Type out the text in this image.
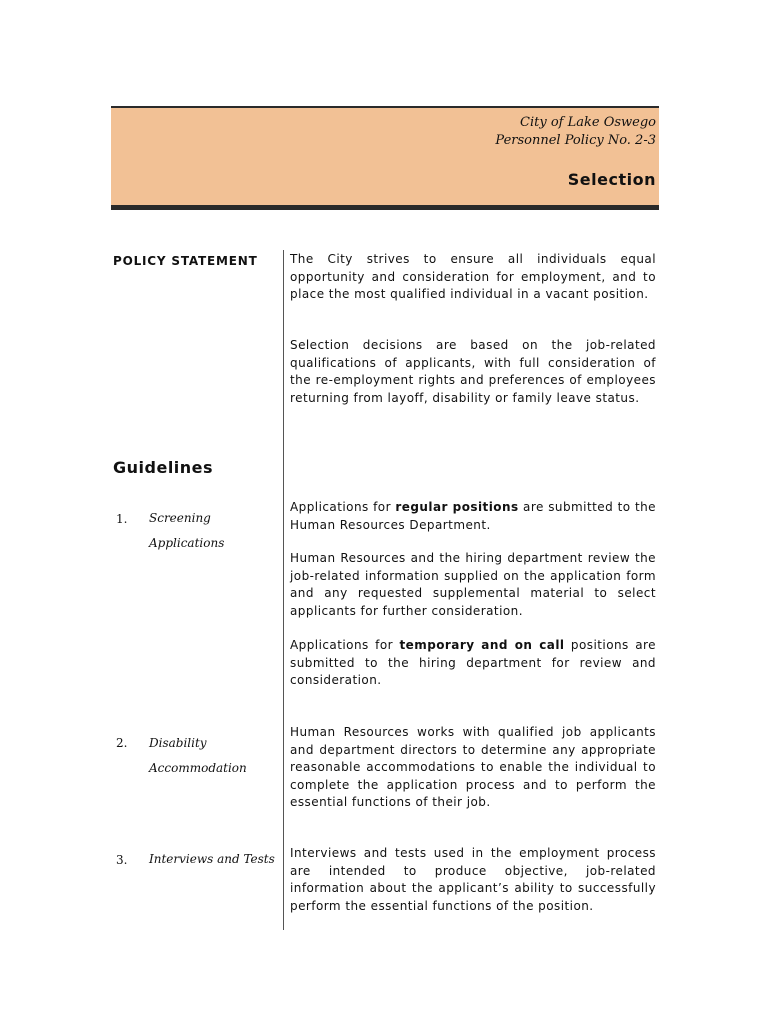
City of Lake Oswego
Personnel Policy No. 2-3
Selection
POLICY STATEMENT	The City strives to ensure all individuals equal opportunity and consideration for employment, and to place the most qualified individual in a vacant position.

Selection decisions are based on the job-related qualifications of applicants, with full consideration of the re-employment rights and preferences of employees returning from layoff, disability or family leave status.

Guidelines
1. Screening
Applications

Applications for regular positions are submitted to the Human Resources Department.

Human Resources and the hiring department review the job-related information supplied on the application form and any requested supplemental material to select applicants for further consideration.

Applications for temporary and on call positions are submitted to the hiring department for review and consideration.

2. Disability
Accommodation

Human Resources works with qualified job applicants and department directors to determine any appropriate reasonable accommodations to enable the individual to complete the application process and to perform the essential functions of their job.

3. Interviews and Tests	Interviews and tests used in the employment process are intended to produce objective, job-related information about the applicant’s ability to successfully perform the essential functions of the position.
